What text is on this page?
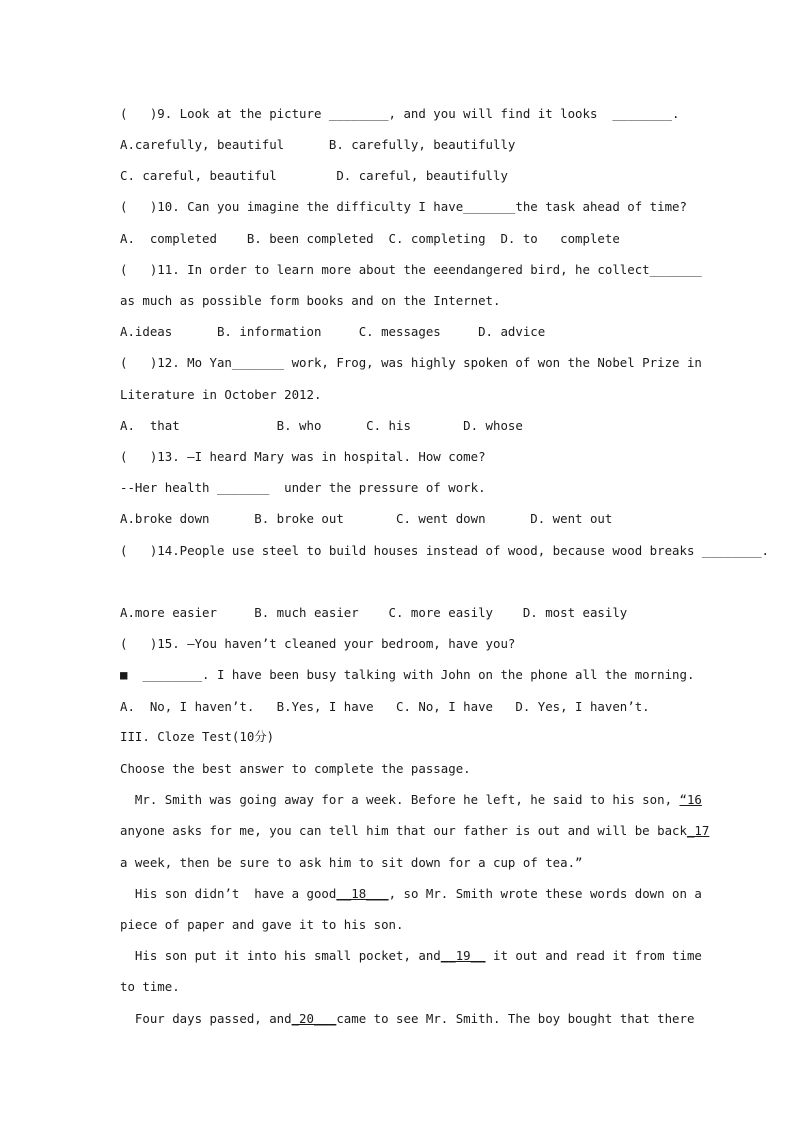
(   )9. Look at the picture ________, and you will find it looks  ________.
A.carefully, beautiful      B. carefully, beautifully
C. careful, beautiful        D. careful, beautifully
(   )10. Can you imagine the difficulty I have_______the task ahead of time?
A.  completed    B. been completed  C. completing  D. to   complete
(   )11. In order to learn more about the eeendangered bird, he collect_______
as much as possible form books and on the Internet.
A.ideas      B. information     C. messages     D. advice
(   )12. Mo Yan_______ work, Frog, was highly spoken of won the Nobel Prize in
Literature in October 2012.
A.  that             B. who      C. his       D. whose
(   )13. —I heard Mary was in hospital. How come?
--Her health _______  under the pressure of work.
A.broke down      B. broke out       C. went down      D. went out
(   )14.People use steel to build houses instead of wood, because wood breaks ________.
A.more easier     B. much easier    C. more easily    D. most easily
(   )15. —You haven’t cleaned your bedroom, have you?
■  ________. I have been busy talking with John on the phone all the morning.
A.  No, I haven’t.   B.Yes, I have   C. No, I have   D. Yes, I haven’t.
III. Cloze Test(10分)
Choose the best answer to complete the passage.
Mr. Smith was going away for a week. Before he left, he said to his son, “16
anyone asks for me, you can tell him that our father is out and will be back_17
a week, then be sure to ask him to sit down for a cup of tea.”
His son didn’t  have a good__18___, so Mr. Smith wrote these words down on a
piece of paper and gave it to his son.
His son put it into his small pocket, and__19__ it out and read it from time
to time.
Four days passed, and_20___came to see Mr. Smith. The boy bought that there
